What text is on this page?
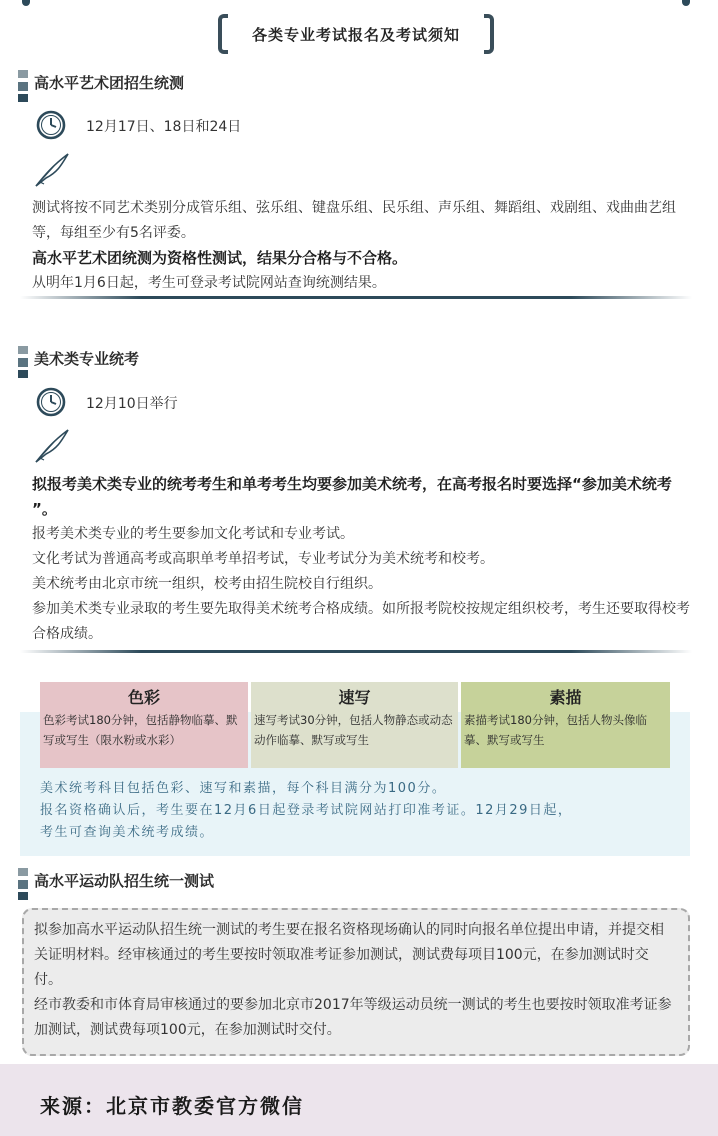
各类专业考试报名及考试须知
高水平艺术团招生统测
12月17日、18日和24日

测试将按不同艺术类别分成管乐组、弦乐组、键盘乐组、民乐组、声乐组、舞蹈组、戏剧组、戏曲曲艺组等，每组至少有5名评委。

高水平艺术团统测为资格性测试，结果分合格与不合格。

从明年1月6日起，考生可登录考试院网站查询统测结果。

美术类专业统考
12月10日举行

拟报考美术类专业的统考考生和单考考生均要参加美术统考，在高考报名时要选择“参加美术统考 ”。

报考美术类专业的考生要参加文化考试和专业考试。

文化考试为普通高考或高职单考单招考试，专业考试分为美术统考和校考。

美术统考由北京市统一组织，校考由招生院校自行组织。

参加美术类专业录取的考生要先取得美术统考合格成绩。如所报考院校按规定组织校考，考生还要取得校考合格成绩。

色彩
色彩考试180分钟，包括静物临摹、默写或写生（限水粉或水彩）
速写
速写考试30分钟，包括人物静态或动态动作临摹、默写或写生
素描
素描考试180分钟，包括人物头像临摹、默写或写生

美术统考科目包括色彩、速写和素描，每个科目满分为100分。

报名资格确认后，考生要在12月6日起登录考试院网站打印准考证。12月29日起，

考生可查询美术统考成绩。

高水平运动队招生统一测试

拟参加高水平运动队招生统一测试的考生要在报名资格现场确认的同时向报名单位提出申请，并提交相关证明材料。经审核通过的考生要按时领取准考证参加测试，测试费每项目100元，在参加测试时交付。

经市教委和市体育局审核通过的要参加北京市2017年等级运动员统一测试的考生也要按时领取准考证参加测试，测试费每项100元，在参加测试时交付。

来源：北京市教委官方微信
